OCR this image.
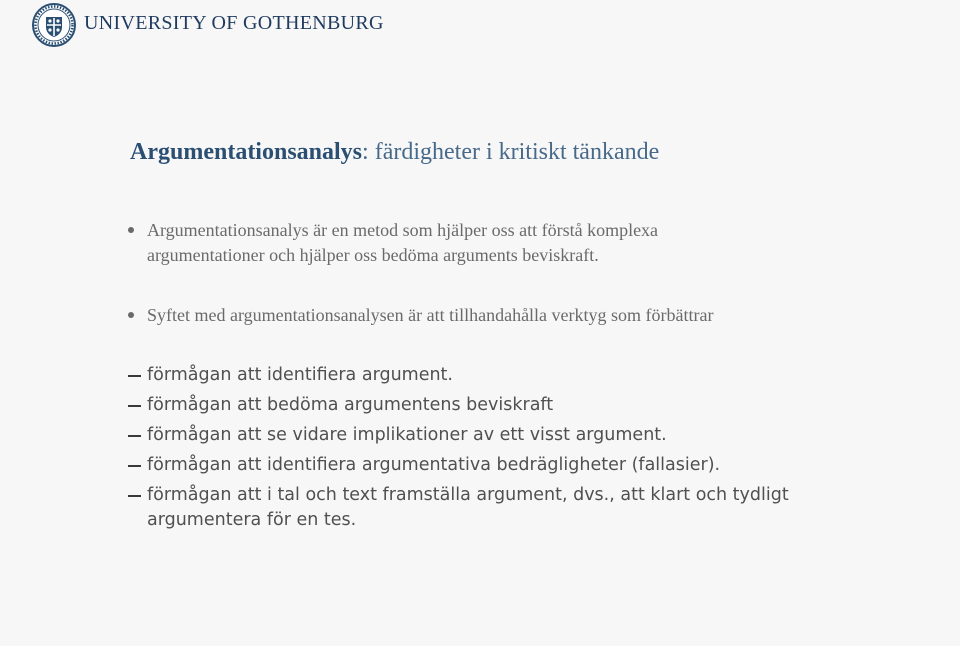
UNIVERSITY OF GOTHENBURG
Argumentationsanalys: färdigheter i kritiskt tänkande
Argumentationsanalys är en metod som hjälper oss att förstå komplexa
argumentationer och hjälper oss bedöma arguments beviskraft.
Syftet med argumentationsanalysen är att tillhandahålla verktyg som förbättrar
förmågan att identifiera argument.
förmågan att bedöma argumentens beviskraft
förmågan att se vidare implikationer av ett visst argument.
förmågan att identifiera argumentativa bedrägligheter (fallasier).
förmågan att i tal och text framställa argument, dvs., att klart och tydligt
argumentera för en tes.
